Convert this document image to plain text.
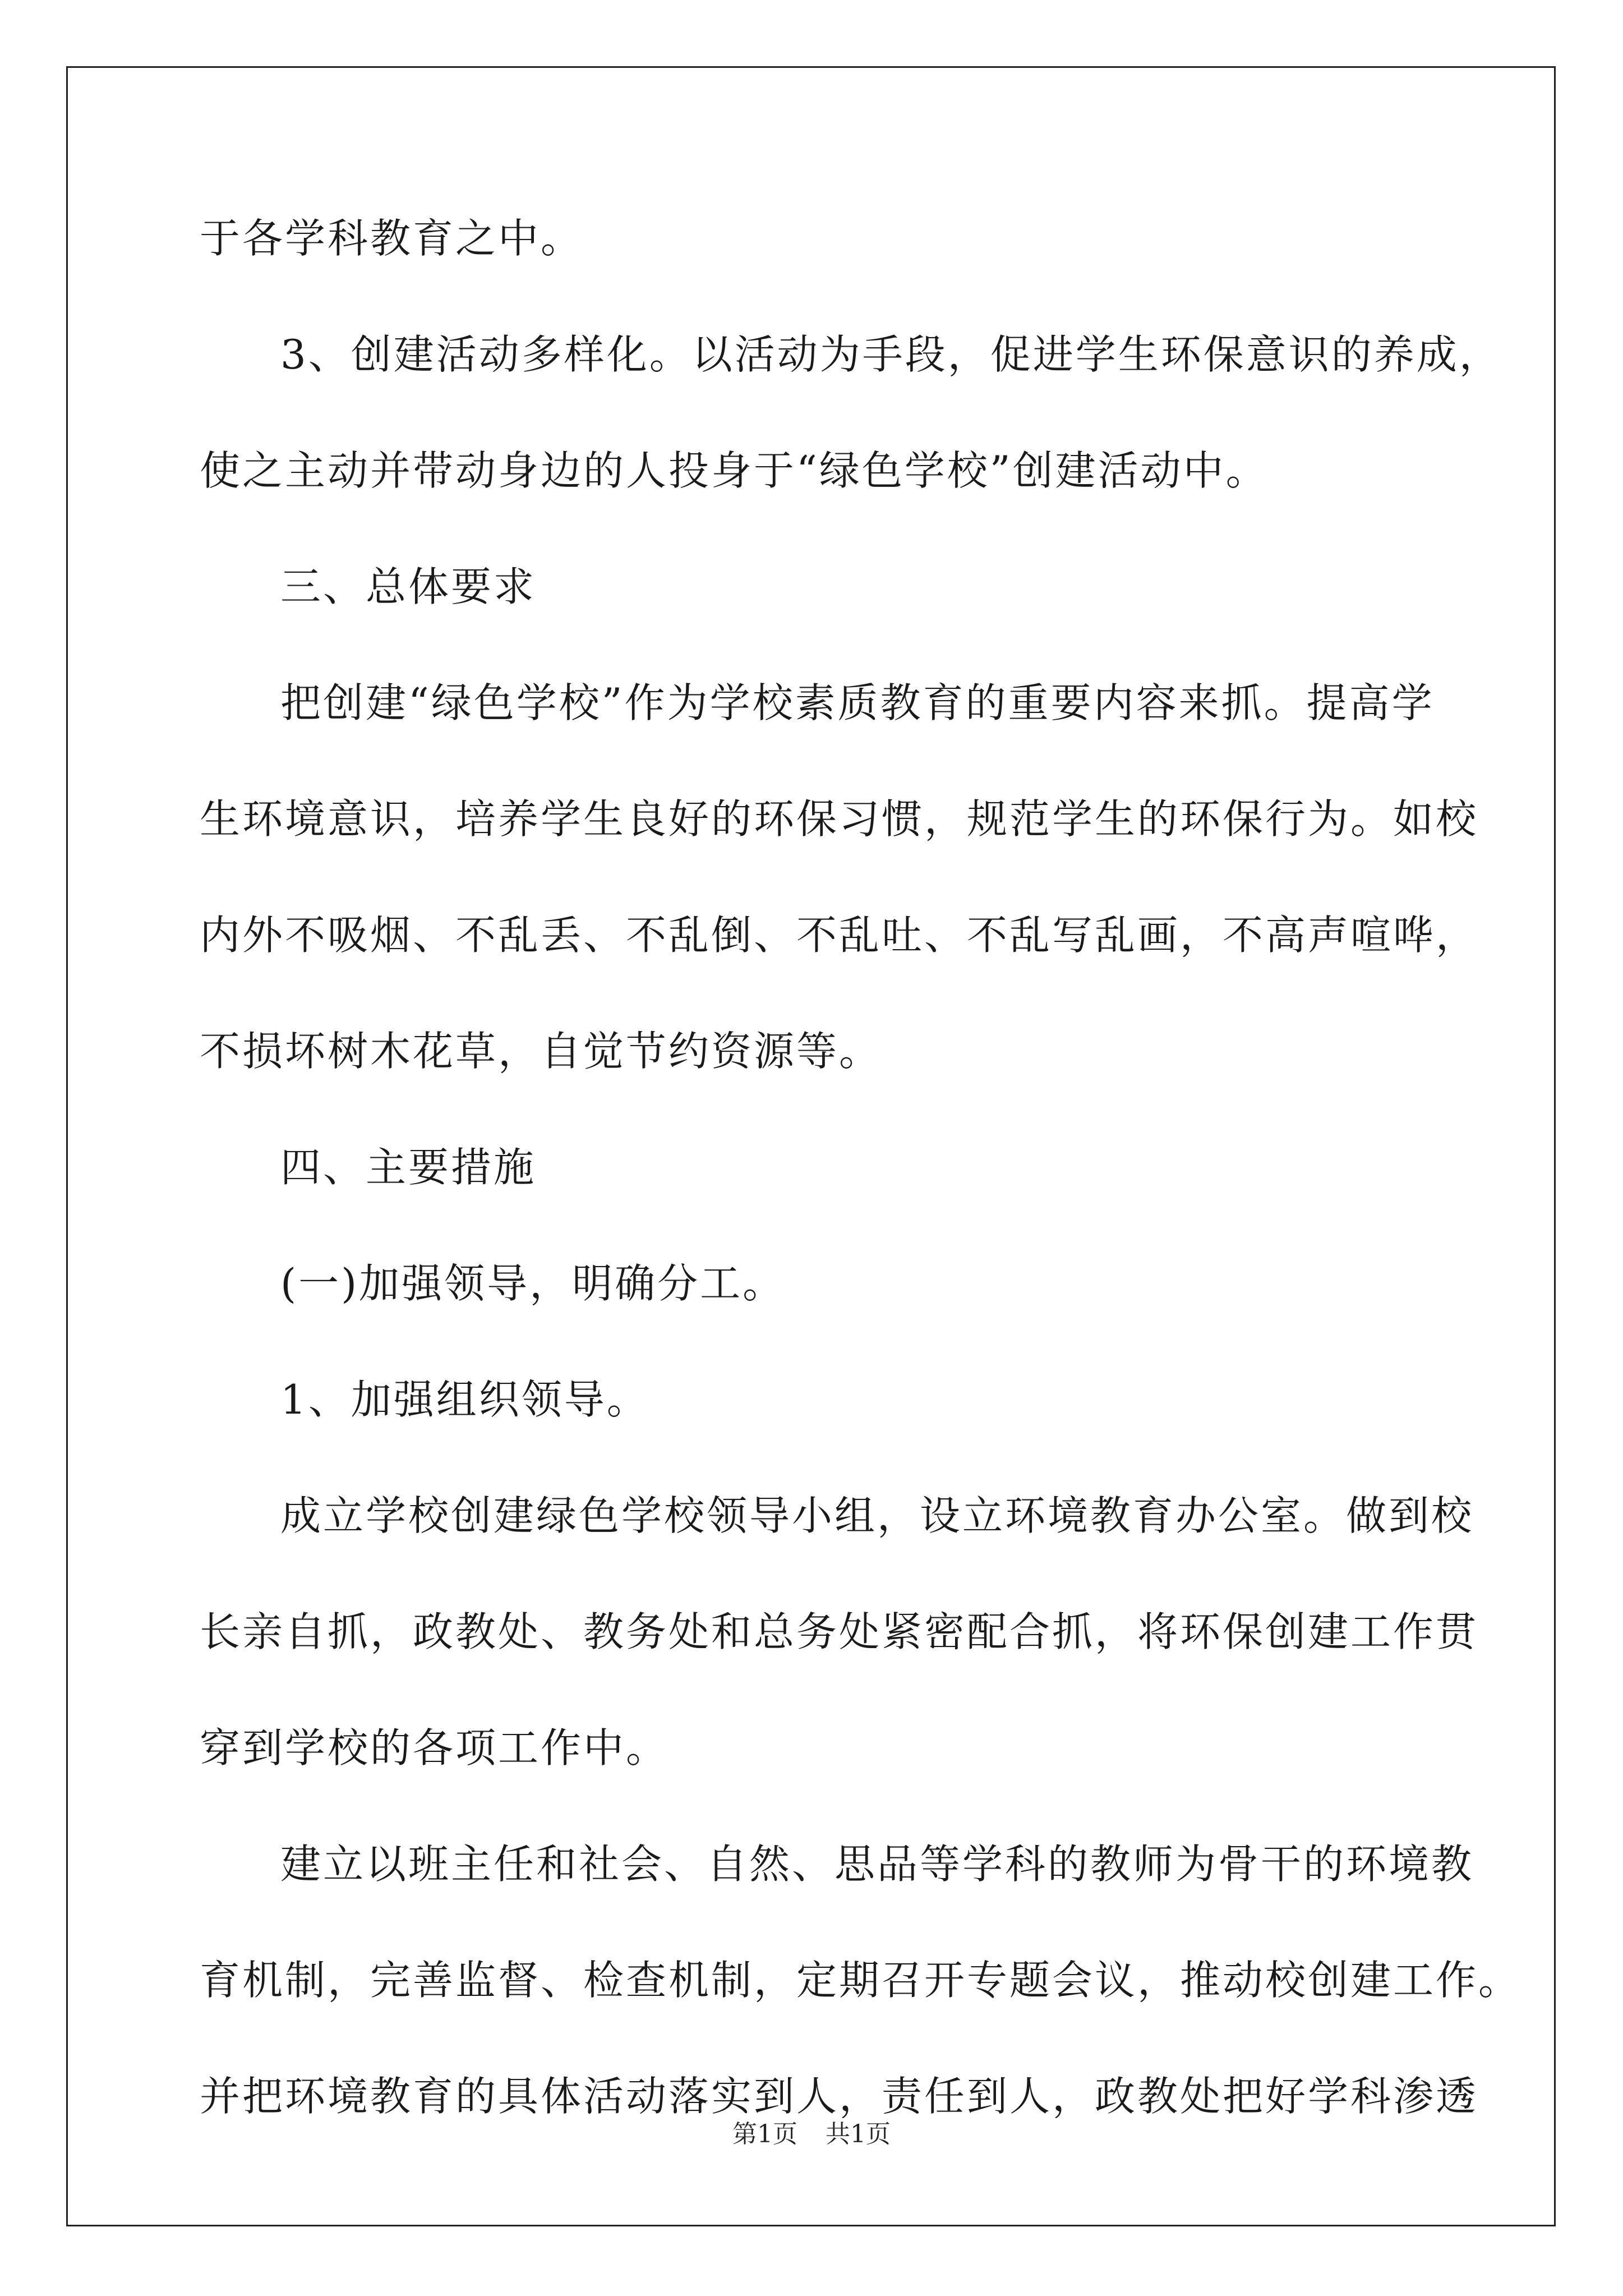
于各学科教育之中。
3、创建活动多样化。以活动为手段，促进学生环保意识的养成，
使之主动并带动身边的人投身于“绿色学校”创建活动中。
三、总体要求
把创建“绿色学校”作为学校素质教育的重要内容来抓。提高学
生环境意识，培养学生良好的环保习惯，规范学生的环保行为。如校
内外不吸烟、不乱丢、不乱倒、不乱吐、不乱写乱画，不高声喧哗，
不损坏树木花草，自觉节约资源等。
四、主要措施
(一)加强领导，明确分工。
1、加强组织领导。
成立学校创建绿色学校领导小组，设立环境教育办公室。做到校
长亲自抓，政教处、教务处和总务处紧密配合抓，将环保创建工作贯
穿到学校的各项工作中。
建立以班主任和社会、自然、思品等学科的教师为骨干的环境教
育机制，完善监督、检查机制，定期召开专题会议，推动校创建工作。
并把环境教育的具体活动落实到人，责任到人，政教处把好学科渗透
第1页 共1页
